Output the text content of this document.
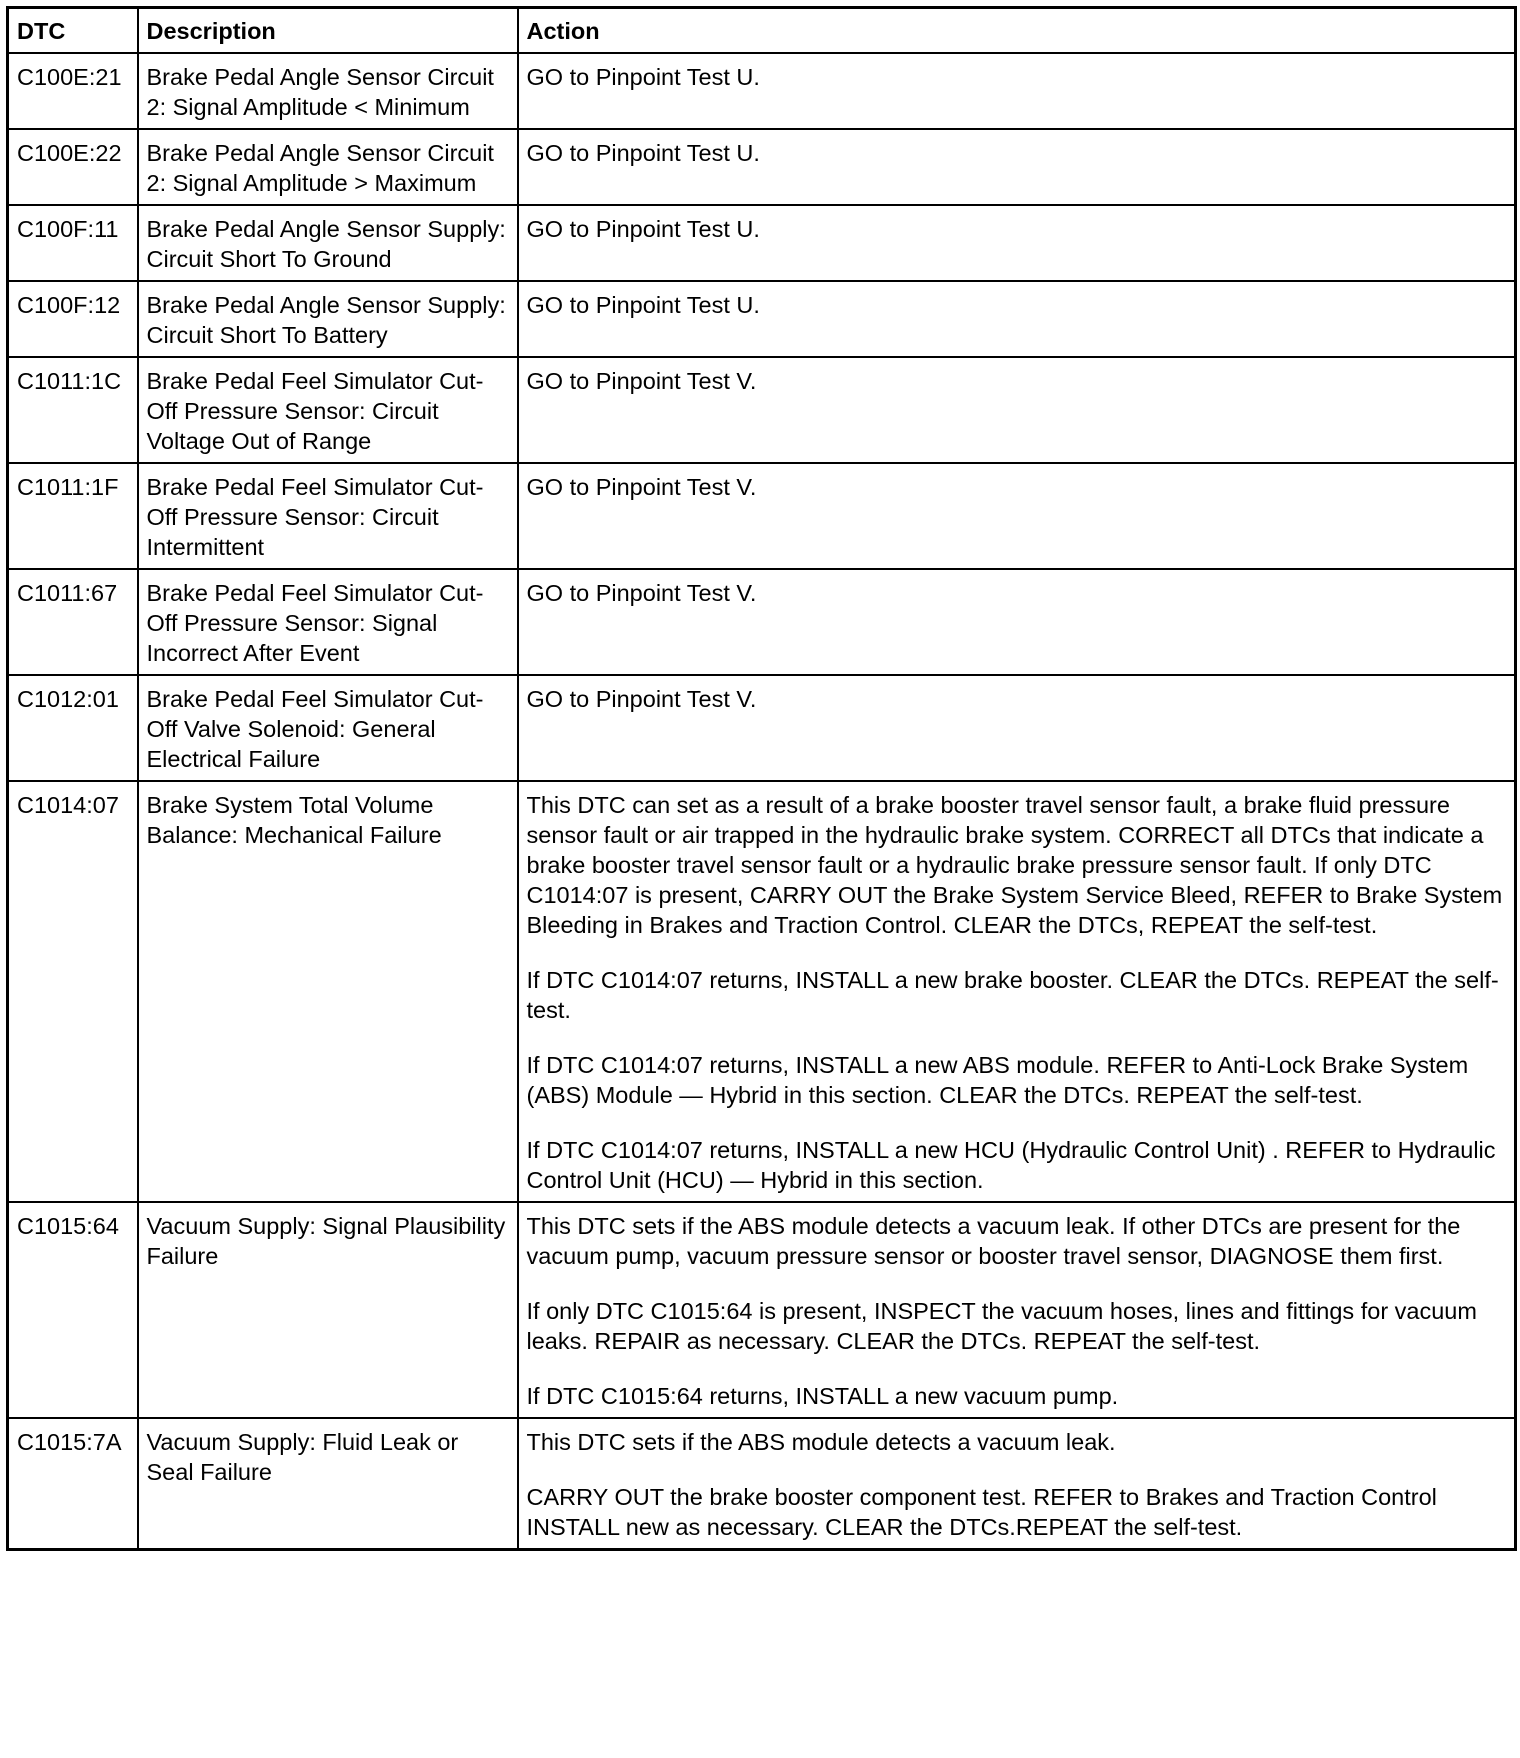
DTC	Description	Action
C100E:21	Brake Pedal Angle Sensor Circuit 2: Signal Amplitude < Minimum	GO to Pinpoint Test U.

C100E:22	Brake Pedal Angle Sensor Circuit 2: Signal Amplitude > Maximum	GO to Pinpoint Test U.

C100F:11	Brake Pedal Angle Sensor Supply: Circuit Short To Ground	GO to Pinpoint Test U.

C100F:12	Brake Pedal Angle Sensor Supply: Circuit Short To Battery	GO to Pinpoint Test U.

C1011:1C	Brake Pedal Feel Simulator Cut-Off Pressure Sensor: Circuit Voltage Out of Range	GO to Pinpoint Test V.

C1011:1F	Brake Pedal Feel Simulator Cut-Off Pressure Sensor: Circuit Intermittent	GO to Pinpoint Test V.

C1011:67	Brake Pedal Feel Simulator Cut-Off Pressure Sensor: Signal Incorrect After Event	GO to Pinpoint Test V.

C1012:01	Brake Pedal Feel Simulator Cut-Off Valve Solenoid: General Electrical Failure	GO to Pinpoint Test V.

C1014:07	Brake System Total Volume Balance: Mechanical Failure	This DTC can set as a result of a brake booster travel sensor fault, a brake fluid pressure sensor fault or air trapped in the hydraulic brake system. CORRECT all DTCs that indicate a brake booster travel sensor fault or a hydraulic brake pressure sensor fault. If only DTC C1014:07 is present, CARRY OUT the Brake System Service Bleed, REFER to Brake System Bleeding in Brakes and Traction Control. CLEAR the DTCs, REPEAT the self-test.
If DTC C1014:07 returns, INSTALL a new brake booster. CLEAR the DTCs. REPEAT the self-test.
If DTC C1014:07 returns, INSTALL a new ABS module. REFER to Anti-Lock Brake System (ABS) Module — Hybrid in this section. CLEAR the DTCs. REPEAT the self-test.
If DTC C1014:07 returns, INSTALL a new HCU (Hydraulic Control Unit) . REFER to Hydraulic Control Unit (HCU) — Hybrid in this section.

C1015:64	Vacuum Supply: Signal Plausibility Failure	This DTC sets if the ABS module detects a vacuum leak. If other DTCs are present for the vacuum pump, vacuum pressure sensor or booster travel sensor, DIAGNOSE them first.
If only DTC C1015:64 is present, INSPECT the vacuum hoses, lines and fittings for vacuum leaks. REPAIR as necessary. CLEAR the DTCs. REPEAT the self-test.
If DTC C1015:64 returns, INSTALL a new vacuum pump.

C1015:7A	Vacuum Supply: Fluid Leak or Seal Failure	This DTC sets if the ABS module detects a vacuum leak.
CARRY OUT the brake booster component test. REFER to Brakes and Traction Control INSTALL new as necessary. CLEAR the DTCs.REPEAT the self-test.
